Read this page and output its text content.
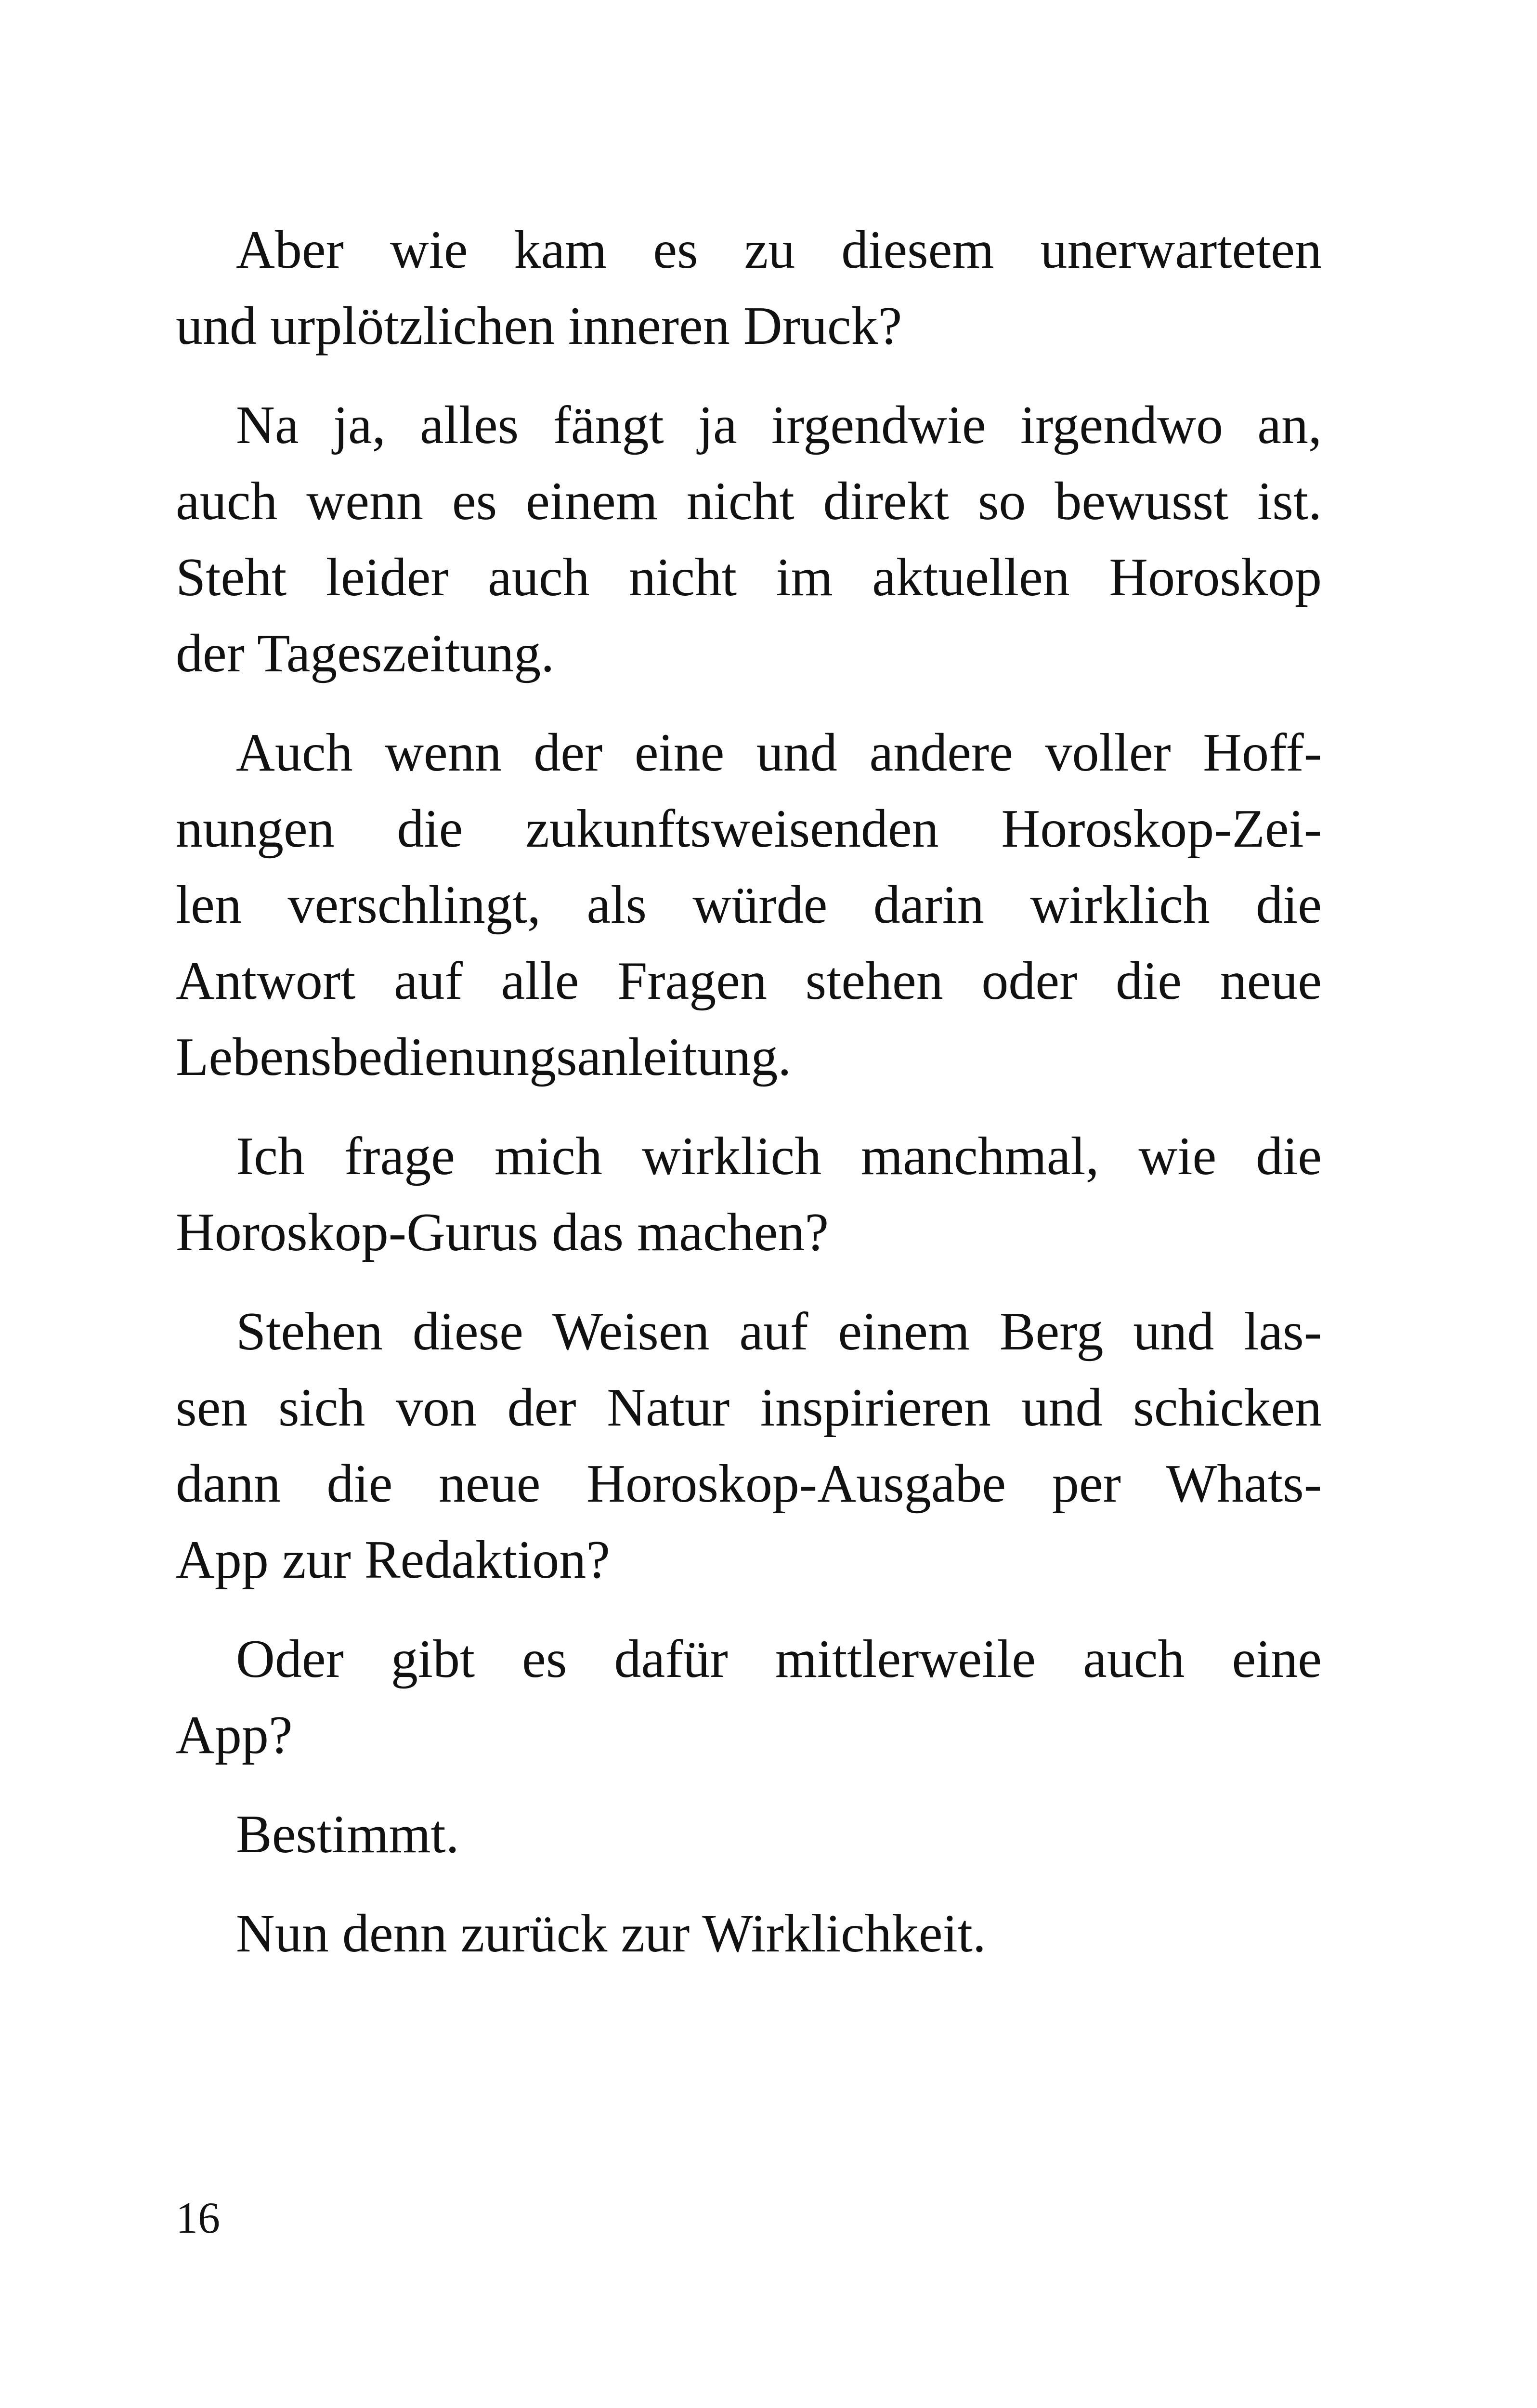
Aber wie kam es zu diesem unerwarteten
und urplötzlichen inneren Druck?

Na ja, alles fängt ja irgendwie irgendwo an,
auch wenn es einem nicht direkt so bewusst ist.
Steht leider auch nicht im aktuellen Horoskop
der Tageszeitung.

Auch wenn der eine und andere voller Hoff-
nungen die zukunftsweisenden Horoskop-Zei-
len verschlingt, als würde darin wirklich die
Antwort auf alle Fragen stehen oder die neue
Lebensbedienungsanleitung.

Ich frage mich wirklich manchmal, wie die
Horoskop-Gurus das machen?

Stehen diese Weisen auf einem Berg und las-
sen sich von der Natur inspirieren und schicken
dann die neue Horoskop-Ausgabe per Whats-
App zur Redaktion?

Oder gibt es dafür mittlerweile auch eine
App?

Bestimmt.

Nun denn zurück zur Wirklichkeit.

16
